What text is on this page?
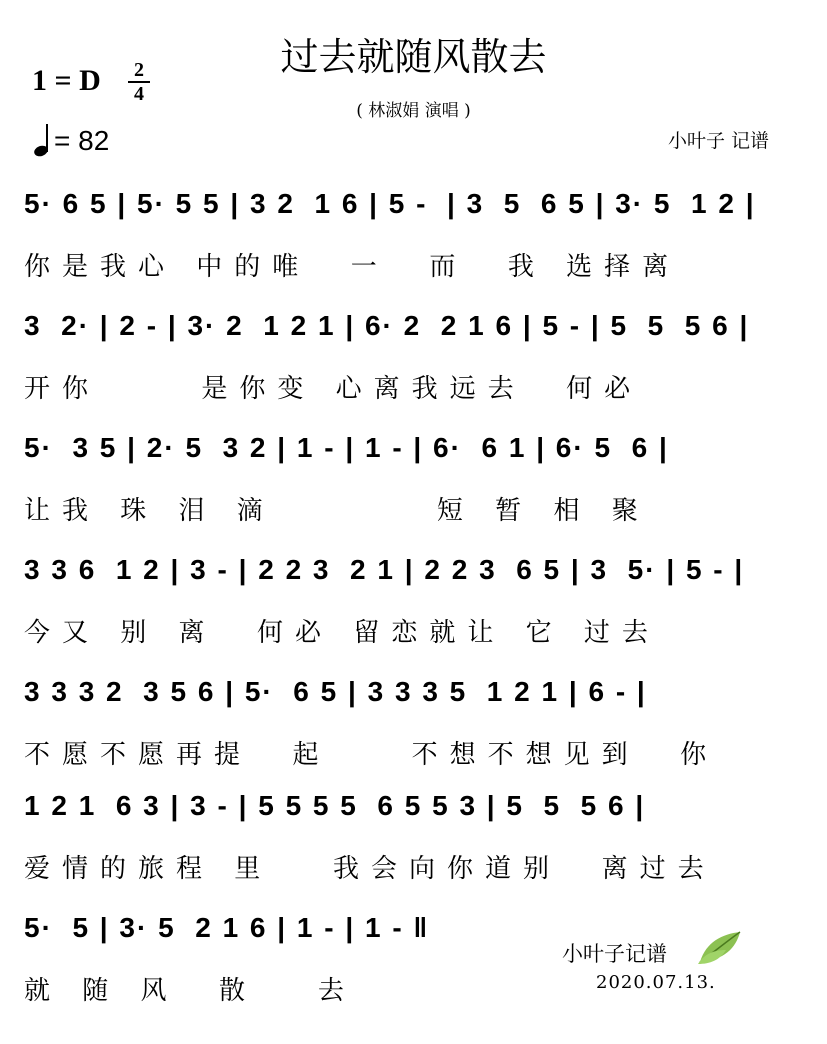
过去就随风散去
( 林淑娟 演唱 )
1 = D	2
4
= 82	小叶子 记谱
5· 6 5 | 5· 5 5 | 3 2  1 6 | 5 -  | 3  5  6 5 | 3· 5  1 2 |
你是我心 中的唯  一  而  我 选择离
3  2· | 2 - | 3· 2  1 2 1 | 6· 2  2 1 6 | 5 - | 5  5  5 6 |
开你     是你变 心离我远去  何必
5·  3 5 | 2· 5  3 2 | 1 - | 1 - | 6·  6 1 | 6· 5  6 |
让我 珠 泪 滴        短 暂 相 聚
3 3 6  1 2 | 3 - | 2 2 3  2 1 | 2 2 3  6 5 | 3  5· | 5 - |
今又 别 离  何必 留恋就让 它 过去
3 3 3 2  3 5 6 | 5·  6 5 | 3 3 3 5  1 2 1 | 6 - |
不愿不愿再提  起    不想不想见到  你
1 2 1  6 3 | 3 - | 5 5 5 5  6 5 5 3 | 5  5  5 6 |
爱情的旅程 里   我会向你道别  离过去
5·  5 | 3· 5  2 1 6 | 1 - | 1 - ‖
就 随 风  散   去
小叶子记谱
2020.07.13.
